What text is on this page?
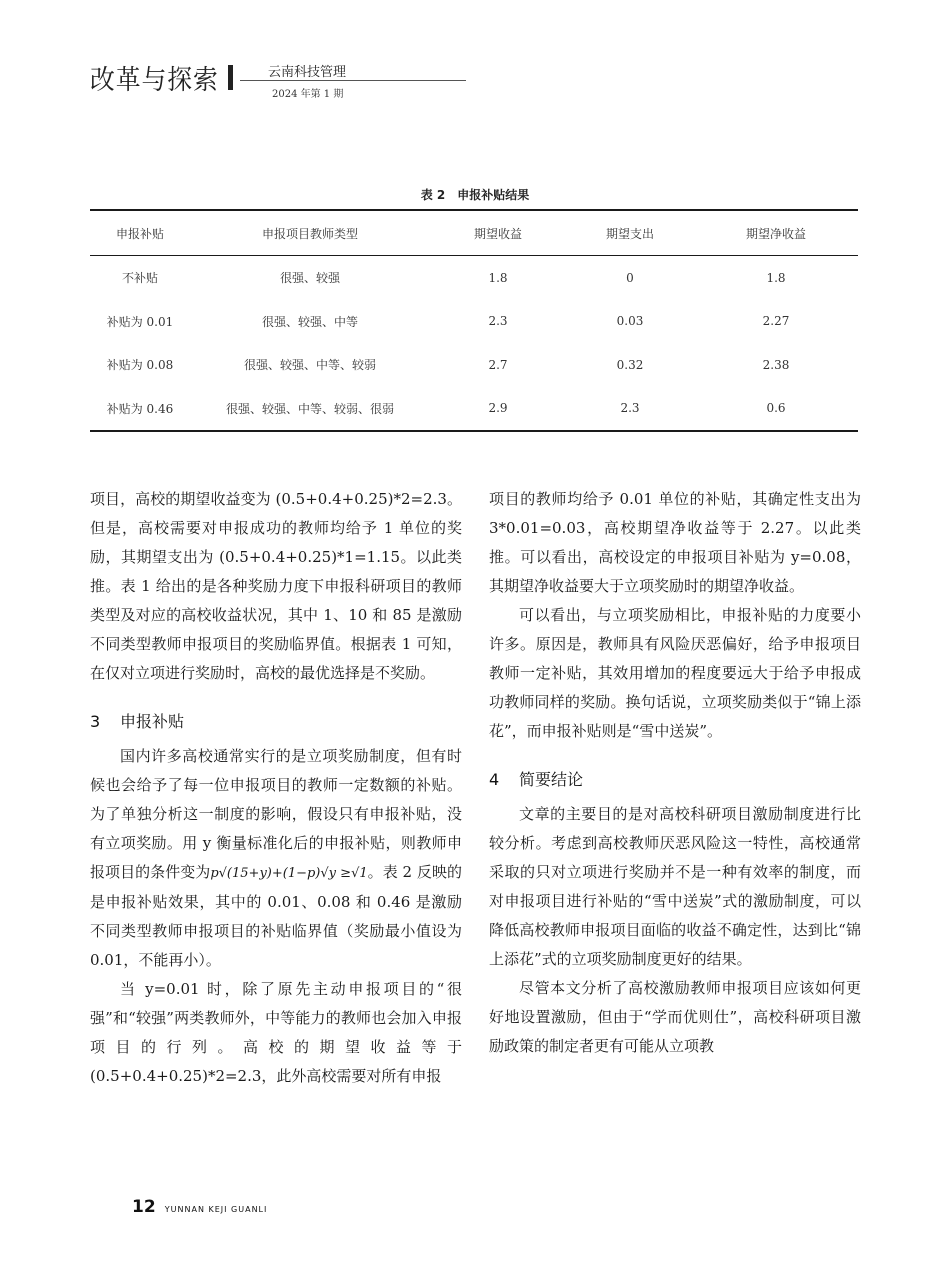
改革与探索	云南科技管理
2024 年第 1 期
表 2　申报补贴结果
申报补贴	申报项目教师类型	期望收益	期望支出	期望净收益
不补贴	很强、较强	1.8	0	1.8
补贴为 0.01	很强、较强、中等	2.3	0.03	2.27
补贴为 0.08	很强、较强、中等、较弱	2.7	0.32	2.38
补贴为 0.46	很强、较强、中等、较弱、很弱	2.9	2.3	0.6

项目，高校的期望收益变为 (0.5+0.4+0.25)*2=2.3。但是，高校需要对申报成功的教师均给予 1 单位的奖励，其期望支出为 (0.5+0.4+0.25)*1=1.15。以此类推。表 1 给出的是各种奖励力度下申报科研项目的教师类型及对应的高校收益状况，其中 1、10 和 85 是激励不同类型教师申报项目的奖励临界值。根据表 1 可知，在仅对立项进行奖励时，高校的最优选择是不奖励。

3 申报补贴

国内许多高校通常实行的是立项奖励制度，但有时候也会给予了每一位申报项目的教师一定数额的补贴。为了单独分析这一制度的影响，假设只有申报补贴，没有立项奖励。用 y 衡量标准化后的申报补贴，则教师申报项目的条件变为p√(15+y)+(1−p)√y ≥√1。表 2 反映的是申报补贴效果，其中的 0.01、0.08 和 0.46 是激励不同类型教师申报项目的补贴临界值（奖励最小值设为 0.01，不能再小）。

当 y=0.01 时，除了原先主动申报项目的“很强”和“较强”两类教师外，中等能力的教师也会加入申报项目的行列。高校的期望收益等于 (0.5+0.4+0.25)*2=2.3，此外高校需要对所有申报

项目的教师均给予 0.01 单位的补贴，其确定性支出为 3*0.01=0.03，高校期望净收益等于 2.27。以此类推。可以看出，高校设定的申报项目补贴为 y=0.08，其期望净收益要大于立项奖励时的期望净收益。

可以看出，与立项奖励相比，申报补贴的力度要小许多。原因是，教师具有风险厌恶偏好，给予申报项目教师一定补贴，其效用增加的程度要远大于给予申报成功教师同样的奖励。换句话说，立项奖励类似于“锦上添花”，而申报补贴则是“雪中送炭”。

4 简要结论

文章的主要目的是对高校科研项目激励制度进行比较分析。考虑到高校教师厌恶风险这一特性，高校通常采取的只对立项进行奖励并不是一种有效率的制度，而对申报项目进行补贴的“雪中送炭”式的激励制度，可以降低高校教师申报项目面临的收益不确定性，达到比“锦上添花”式的立项奖励制度更好的结果。

尽管本文分析了高校激励教师申报项目应该如何更好地设置激励，但由于“学而优则仕”，高校科研项目激励政策的制定者更有可能从立项教

12 YUNNAN KEJI GUANLI
